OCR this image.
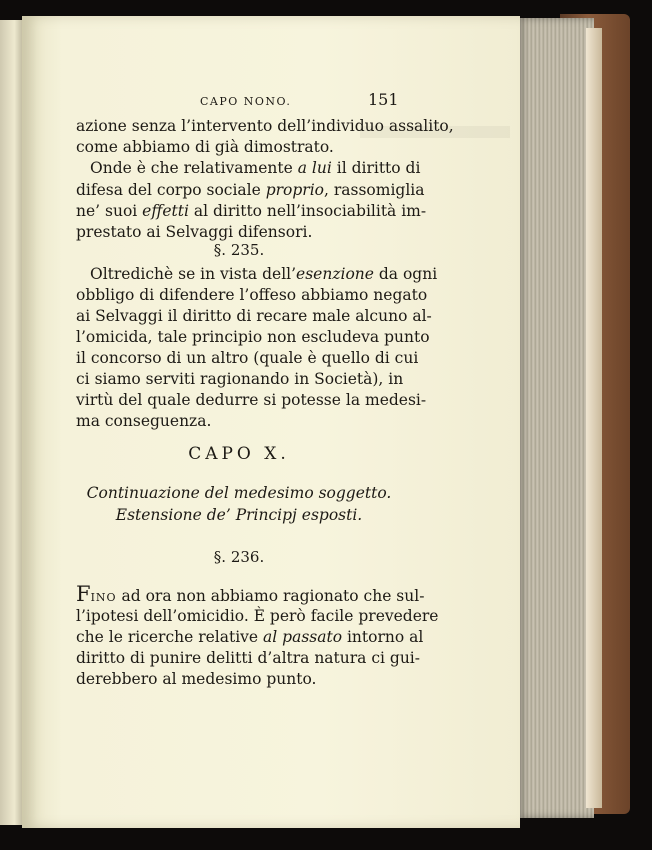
CAPO NONO.	151
azione senza l’intervento dell’individuo assalito,
come abbiamo di già dimostrato.
Onde è che relativamente a lui il diritto di
difesa del corpo sociale proprio, rassomiglia
ne’ suoi effetti al diritto nell’insociabilità im-
prestato ai Selvaggi difensori.
§. 235.
Oltredichè se in vista dell’esenzione da ogni
obbligo di difendere l’offeso abbiamo negato
ai Selvaggi il diritto di recare male alcuno al-
l’omicida, tale principio non escludeva punto
il concorso di un altro (quale è quello di cui
ci siamo serviti ragionando in Società), in
virtù del quale dedurre si potesse la medesi-
ma conseguenza.
CAPO X.
Continuazione del medesimo soggetto.
Estensione de’ Principj esposti.
§. 236.
FINO ad ora non abbiamo ragionato che sul-
l’ipotesi dell’omicidio. È però facile prevedere
che le ricerche relative al passato intorno al
diritto di punire delitti d’altra natura ci gui-
derebbero al medesimo punto.
